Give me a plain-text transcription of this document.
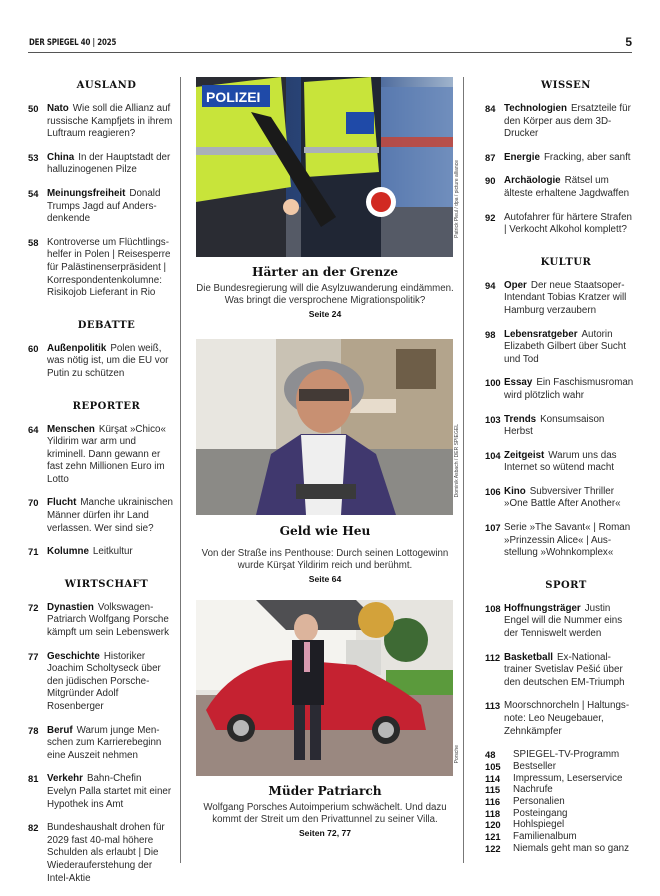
DER SPIEGEL 40 | 2025	5
AUSLAND
50 Nato Wie soll die Allianz auf russische Kampfjets in ihrem Luftraum reagieren?
53 China In der Hauptstadt der halluzinogenen Pilze
54 Meinungsfreiheit Donald Trumps Jagd auf Andersdenkende
58 Kontroverse um Flüchtlingshelfer in Polen | Reisesperre für Palästinenserpräsident | Korrespondentenkolumne: Risikojob Lieferant in Rio
DEBATTE
60 Außenpolitik Polen weiß, was nötig ist, um die EU vor Putin zu schützen
REPORTER
64 Menschen Kürşat »Chico« Yildirim war arm und kriminell. Dann gewann er fast zehn Millionen Euro im Lotto
70 Flucht Manche ukrainischen Männer dürfen ihr Land verlassen. Wer sind sie?
71 Kolumne Leitkultur
WIRTSCHAFT
72 Dynastien Volkswagen-Patriarch Wolfgang Porsche kämpft um sein Lebenswerk
77 Geschichte Historiker Joachim Scholtyseck über den jüdischen Porsche-Mitgründer Adolf Rosenberger
78 Beruf Warum junge Menschen zum Karrierebeginn eine Auszeit nehmen
81 Verkehr Bahn-Chefin Evelyn Palla startet mit einer Hypothek ins Amt
82 Bundeshaushalt drohen für 2029 fast 40-mal höhere Schulden als erlaubt | Die Wiederauferstehung der Intel-Aktie
WISSEN
84 Technologien Ersatzteile für den Körper aus dem 3D-Drucker
87 Energie Fracking, aber sanft
90 Archäologie Rätsel um älteste erhaltene Jagdwaffen
92 Autofahrer für härtere Strafen | Verkocht Alkohol komplett?
KULTUR
94 Oper Der neue Staatsoper-Intendant Tobias Kratzer will Hamburg verzaubern
98 Lebensratgeber Autorin Elizabeth Gilbert über Sucht und Tod
100 Essay Ein Faschismusroman wird plötzlich wahr
103 Trends Konsumsaison Herbst
104 Zeitgeist Warum uns das Internet so wütend macht
106 Kino Subversiver Thriller »One Battle After Another«
107 Serie »The Savant« | Roman »Prinzessin Alice« | Ausstellung »Wohnkomplex«
SPORT
108 Hoffnungsträger Justin Engel will die Nummer eins der Tenniswelt werden
112 Basketball Ex-Nationaltrainer Svetislav Pešić über den deutschen EM-Triumph
113 Moorschnorcheln | Haltungsnote: Leo Neugebauer, Zehnkämpfer
48	SPIEGEL-TV-Programm
105	Bestseller
114	Impressum, Leserservice
115	Nachrufe
116	Personalien
118	Posteingang
120	Hohlspiegel
121	Familienalbum
122	Niemals geht man so ganz
POLIZEI
Patrick Pleul / dpa / picture alliance
Härter an der Grenze
Die Bundesregierung will die Asylzuwanderung eindämmen. Was bringt die versprochene Migrationspolitik?
Seite 24
Dominik Asbach / DER SPIEGEL
Geld wie Heu
Von der Straße ins Penthouse: Durch seinen Lottogewinn wurde Kürşat Yildirim reich und berühmt.
Seite 64
Porsche
Müder Patriarch
Wolfgang Porsches Autoimperium schwächelt. Und dazu kommt der Streit um den Privattunnel zu seiner Villa.
Seiten 72, 77
